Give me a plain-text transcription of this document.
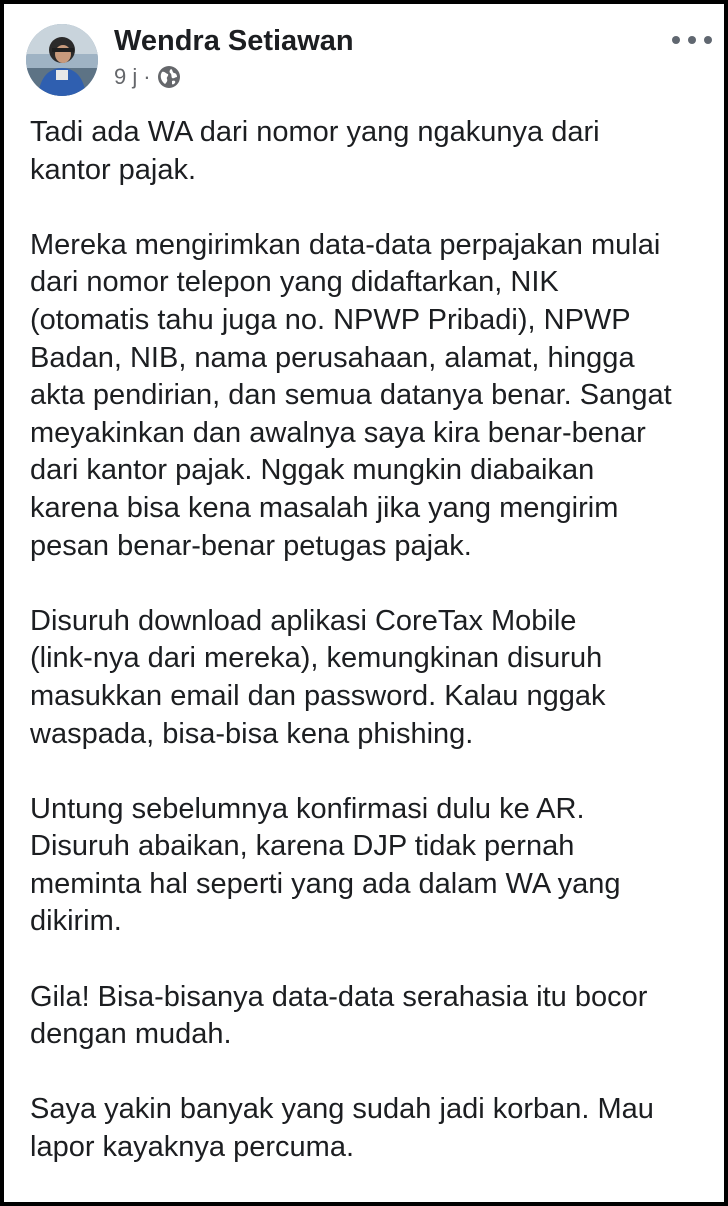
Wendra Setiawan
9 j ·

Tadi ada WA dari nomor yang ngakunya dari
kantor pajak.

Mereka mengirimkan data-data perpajakan mulai
dari nomor telepon yang didaftarkan, NIK
(otomatis tahu juga no. NPWP Pribadi), NPWP
Badan, NIB, nama perusahaan, alamat, hingga
akta pendirian, dan semua datanya benar. Sangat
meyakinkan dan awalnya saya kira benar-benar
dari kantor pajak. Nggak mungkin diabaikan
karena bisa kena masalah jika yang mengirim
pesan benar-benar petugas pajak.

Disuruh download aplikasi CoreTax Mobile
(link-nya dari mereka), kemungkinan disuruh
masukkan email dan password. Kalau nggak
waspada, bisa-bisa kena phishing.

Untung sebelumnya konfirmasi dulu ke AR.
Disuruh abaikan, karena DJP tidak pernah
meminta hal seperti yang ada dalam WA yang
dikirim.

Gila! Bisa-bisanya data-data serahasia itu bocor
dengan mudah.

Saya yakin banyak yang sudah jadi korban. Mau
lapor kayaknya percuma.
